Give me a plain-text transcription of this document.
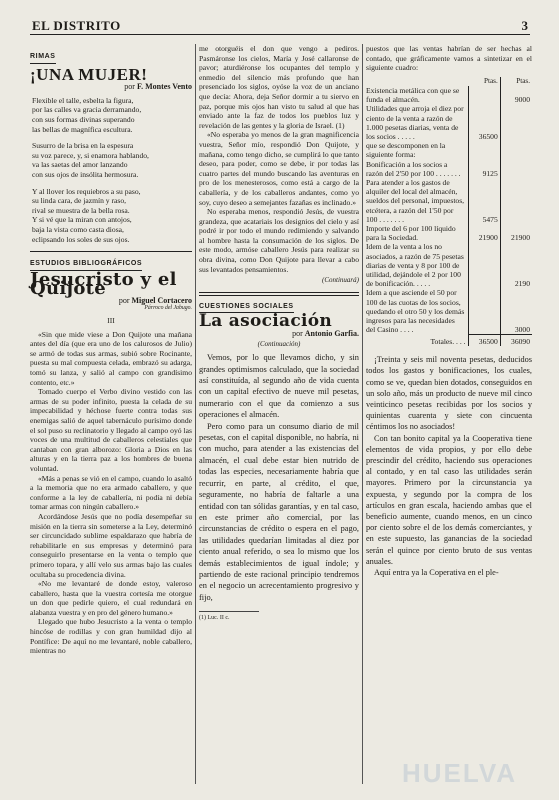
EL DISTRITO	3
RIMAS
¡UNA MUJER!
por F. Montes Vento

Flexible el talle, esbelta la figura,

por las calles va gracia derramando,

con sus formas divinas superando

las bellas de magnífica escultura.

Susurro de la brisa en la espesura

su voz parece, y, si enamora hablando,

va las saetas del amor lanzando

con sus ojos de insólita hermosura.

Y al llover los requiebros a su paso,

su linda cara, de jazmín y raso,

rival se muestra de la bella rosa.

Y si vé que la miran con antojos,

baja la vista como casta diosa,

eclipsando los soles de sus ojos.

ESTUDIOS BIBLIOGRÁFICOS
Jesucristo y el Quijote
por Miguel Cortacero
Párroco del Jabugo.
III

«Sin que mide viese a Don Quijote una mañana antes del día (que era uno de los calurosos de Julio) se armó de todas sus armas, subió sobre Rocinante, puesta su mal compuesta celada, embrazó su adarga, tomó su lanza, y salió al campo con grandísimo contento, etc.»

Tomado cuerpo el Verbo divino vestido con las armas de su poder infinito, puesta la celada de su impecabilidad y héchose fuerte contra todas sus enemigas salió de aquel tabernáculo purísimo donde el sol puso su reclinatorio y llegado al campo oyó las voces de una multitud de caballeros celestiales que cantaban con gran alborozo: Gloria a Dios en las alturas y en la tierra paz a los hombres de buena voluntad.

«Más a penas se vió en el campo, cuando lo asaltó a la memoria que no era armado caballero, y que conforme a la ley de caballería, ni podía ni debía tomar armas con ningún caballero.»

Acordándose Jesús que no podía desempeñar su misión en la tierra sin someterse a la Ley, determinó ser circuncidado sublime espaldarazo que habría de rehabilitarle en sus empresas y determinó para conseguirlo presentarse en la venta o templo que primero topara, y allí velo sus armas bajo las cuales ocultaba su procedencia divina.

«No me levantaré de donde estoy, valeroso caballero, hasta que la vuestra cortesía me otorgue un don que pedirle quiero, el cual redundará en alabanza vuestra y en pro del género humano.»

Llegado que hubo Jesucristo a la venta o templo hincóse de rodillas y con gran humildad dijo al Pontífice: De aquí no me levantaré, noble caballero, mientras no

me otorguéis el don que vengo a pediros. Pasmáronse los cielos, María y José callaronse de pavor; aturdiéronse los ocupantes del templo y enmedio del silencio más profundo que han presenciado los siglos, oyóse la voz de un anciano que decía: Ahora, deja Señor dormir a tu siervo en paz, porque mis ojos han visto tu salud al que has enviado ante la faz de todos los pueblos luz y revelación de las gentes y la gloria de Israel. (1)

«No esperaba yo menos de la gran magnificencia vuestra, Señor mío, respondió Don Quijote, y mañana, como tengo dicho, se cumplirá lo que tanto deseo, para poder, como se debe, ir por todas las cuatro partes del mundo buscando las aventuras en pro de los menesterosos, como está a cargo de la caballería, y de los caballeros andantes, como yo soy, cuyo deseo a semejantes fazañas es inclinado.»

No esperaba menos, respondió Jesús, de vuestra grandeza, que acatariais los designios del cielo y así podré ir por todo el mundo redimiendo y salvando al hombre hasta la consumación de los siglos. De este modo, armóse caballero Jesús para realizar su obra divina, como Don Quijote para llevar a cabo sus levantados pensamientos.

(Continuará)
CUESTIONES SOCIALES
La asociación
por Antonio Garfia.
(Continuación)

Vemos, por lo que llevamos dicho, y sin grandes optimismos calculado, que la sociedad así constituída, al segundo año de vida cuenta con un capital efectivo de nueve mil pesetas, numerario con el que da comienzo a sus operaciones el almacén.

Pero como para un consumo diario de mil pesetas, con el capital disponible, no habría, ni con mucho, para atender a las existencias del almacén, el cual debe estar bien nutrido de todas las especies, necesariamente habría que recurrir, en parte, al crédito, el que, seguramente, no habría de faltarle a una entidad con tan sólidas garantías, y en tal caso, en este primer año comercial, por las circunstancias de crédito o espera en el pago, las utilidades quedarían limitadas al diez por ciento anual referido, o sea lo mismo que los demás establecimientos de igual índole; y partiendo de este racional principio tendremos en el negocio un acrecentamiento progresivo y fijo,

(1) Luc. II c.

puestos que las ventas habrían de ser hechas al contado, que gráficamente vamos a sintetizar en el siguiente cuadro:

	Ptas.	Ptas.
Existencia metálica con que se funda el almacén.		9000
Utilidades que arroja el diez por ciento de la venta a razón de 1.000 pesetas diarias, venta de los socios . . . . .	36500	
que se descomponen en la siguiente forma:		
Bonificación a los socios a razón del 2'50 por 100 . . . . . . .	9125	
Para atender a los gastos de alquiler del local del almacén, sueldos del personal, impuestos, etcétera, a razón del 1'50 por 100 . . . . . . .	5475	
Importe del 6 por 100 líquido para la Sociedad.	21900	21900
Idem de la venta a los no asociados, a razón de 75 pesetas diarias de venta y 8 por 100 de utilidad, dejándole el 2 por 100 de bonificación. . . . .		2190
Idem a que asciende el 50 por 100 de las cuotas de los socios, quedando el otro 50 y los demás ingresos para las necesidades del Casino . . . .		3000
Totales. . . .	36500	36090

¡Treinta y seis mil noventa pesetas, deducidos todos los gastos y bonificaciones, los cuales, como se ve, quedan bien dotados, conseguidos en un solo año, más un producto de nueve mil cinco veinticinco pesetas recibidas por los socios y quinientas cuarenta y siete con cincuenta céntimos los no asociados!

Con tan bonito capital ya la Cooperativa tiene elementos de vida propios, y por ello debe prescindir del crédito, haciendo sus operaciones al contado, y en tal caso las utilidades serán mayores. Primero por la circunstancia ya expuesta, y segundo por la compra de los artículos en gran escala, haciendo ambas que el beneficio aumente, cuando menos, en un cinco por ciento sobre el de los demás comerciantes, y en este supuesto, las ganancias de la sociedad serán el quince por ciento bruto de sus ventas anuales.

Aquí entra ya la Coperativa en el ple-

HUELVA
